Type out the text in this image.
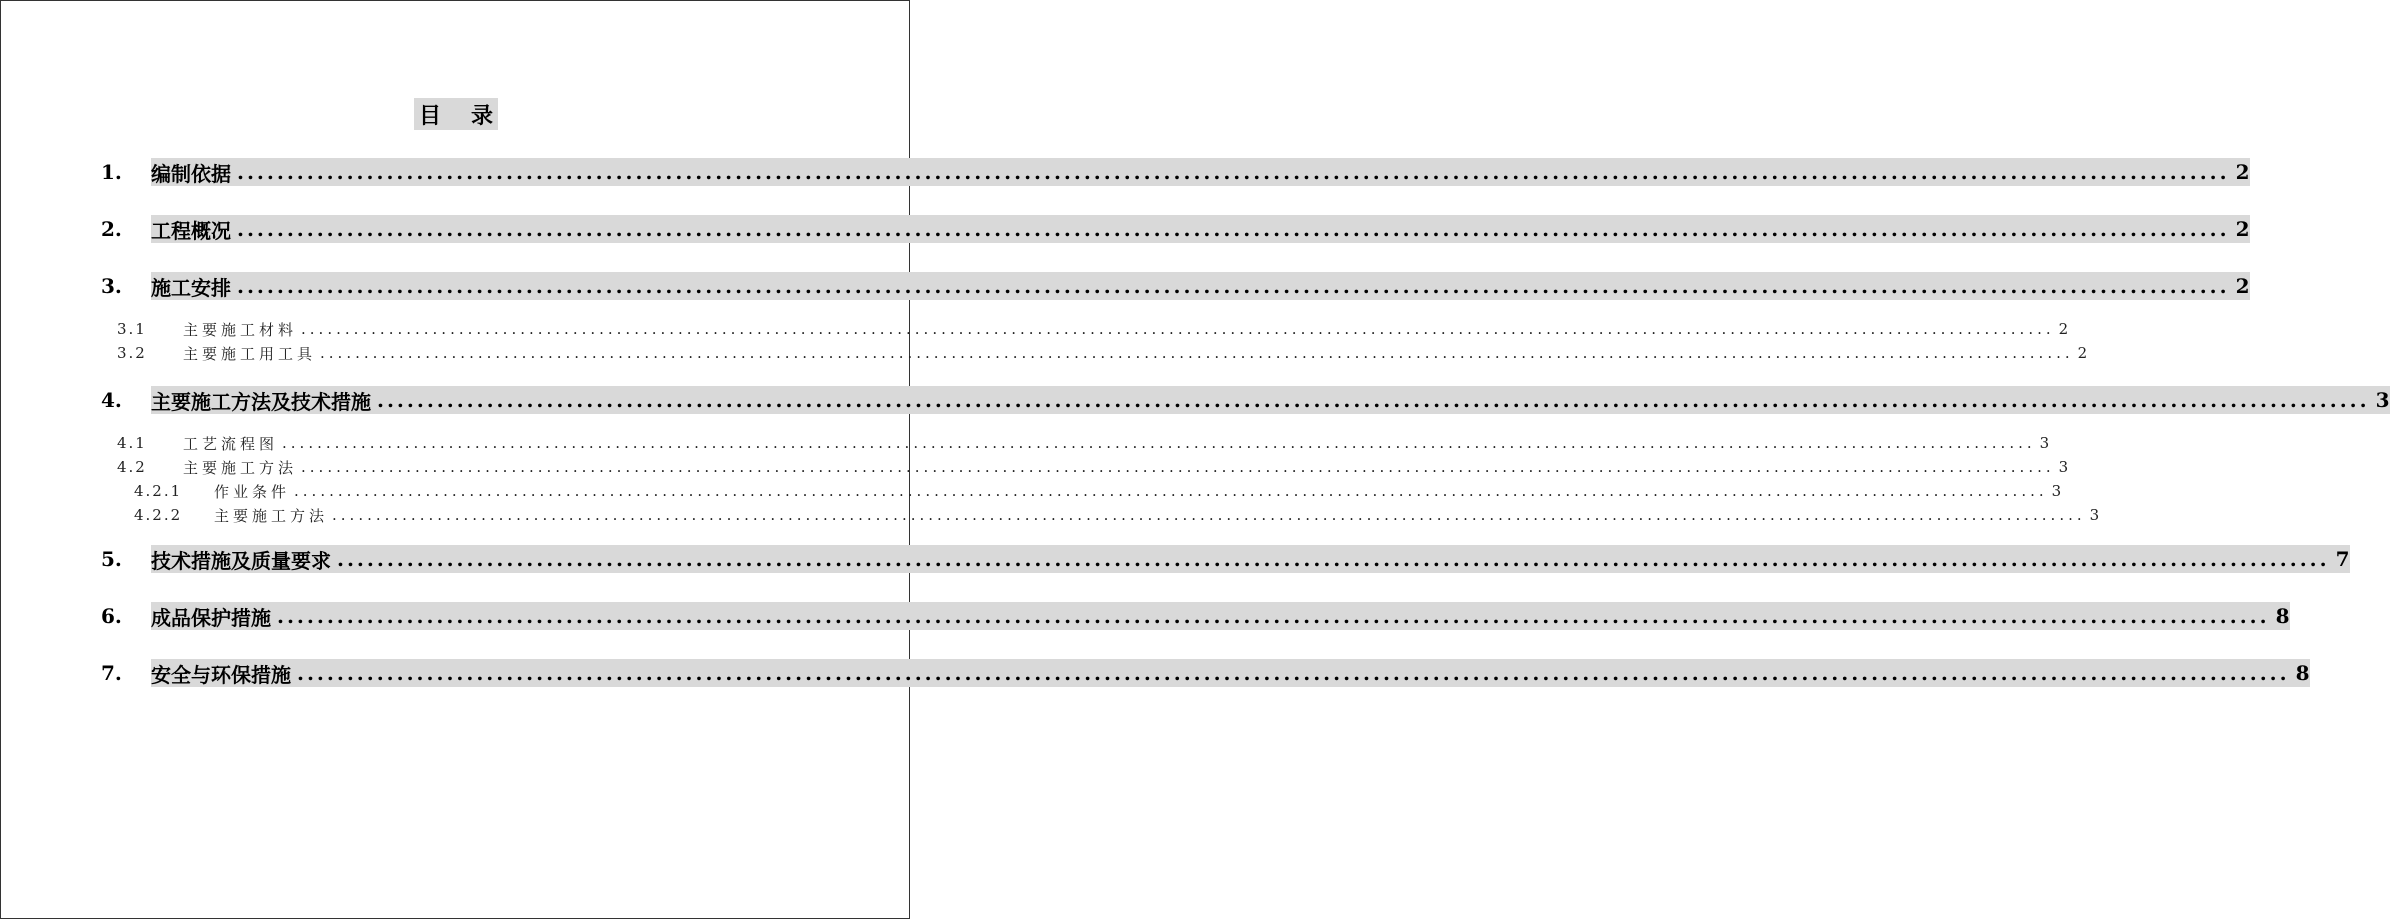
目 录
1.	编制依据 ........................................................................................................................................................................................................ 2
2.	工程概况 ........................................................................................................................................................................................................ 2
3.	施工安排 ........................................................................................................................................................................................................ 2
3.1	主要施工材料 ........................................................................................................................................................................................................ 2
3.2	主要施工用工具 ........................................................................................................................................................................................................ 2
4.	主要施工方法及技术措施 ........................................................................................................................................................................................................ 3
4.1	工艺流程图 ........................................................................................................................................................................................................ 3
4.2	主要施工方法 ........................................................................................................................................................................................................ 3
4.2.1	作业条件 ........................................................................................................................................................................................................ 3
4.2.2	主要施工方法 ........................................................................................................................................................................................................ 3
5.	技术措施及质量要求 ........................................................................................................................................................................................................ 7
6.	成品保护措施 ........................................................................................................................................................................................................ 8
7.	安全与环保措施 ........................................................................................................................................................................................................ 8
